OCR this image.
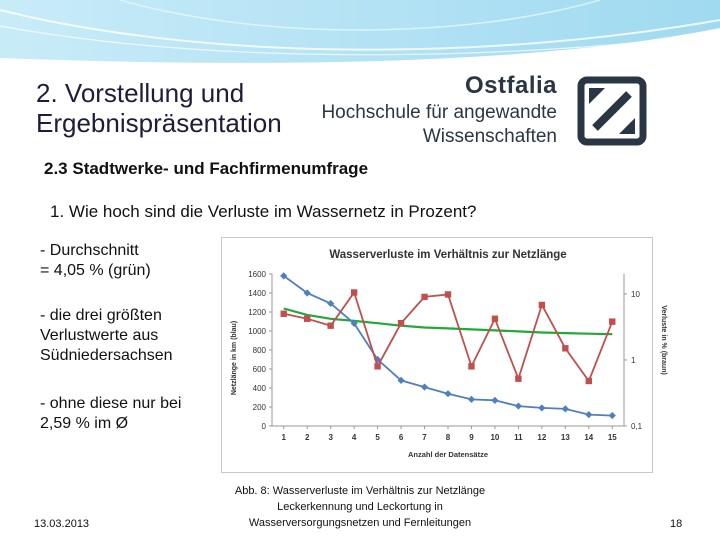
2. Vorstellung und
Ergebnispräsentation
Ostfalia
Hochschule für angewandte
Wissenschaften
2.3 Stadtwerke- und Fachfirmenumfrage
1. Wie hoch sind die Verluste im Wassernetz in Prozent?
- Durchschnitt
= 4,05 % (grün)
- die drei größten
Verlustwerte aus
Südniedersachsen
- ohne diese nur bei
2,59 % im Ø
Wasserverluste im Verhältnis zur Netzlänge
1600
1400
1200
1000
800
600
400
200
0
10
1
0,1
1 2 3 4 5 6 7 8 9 10 11 12 13 14 15
Anzahl der Datensätze
Netzlänge in km (blau)	Verluste in % (braun)
Abb. 8: Wasserverluste im Verhältnis zur Netzlänge
Leckerkennung und Leckortung in
Wasserversorgungsnetzen und Fernleitungen
13.03.2013	18
